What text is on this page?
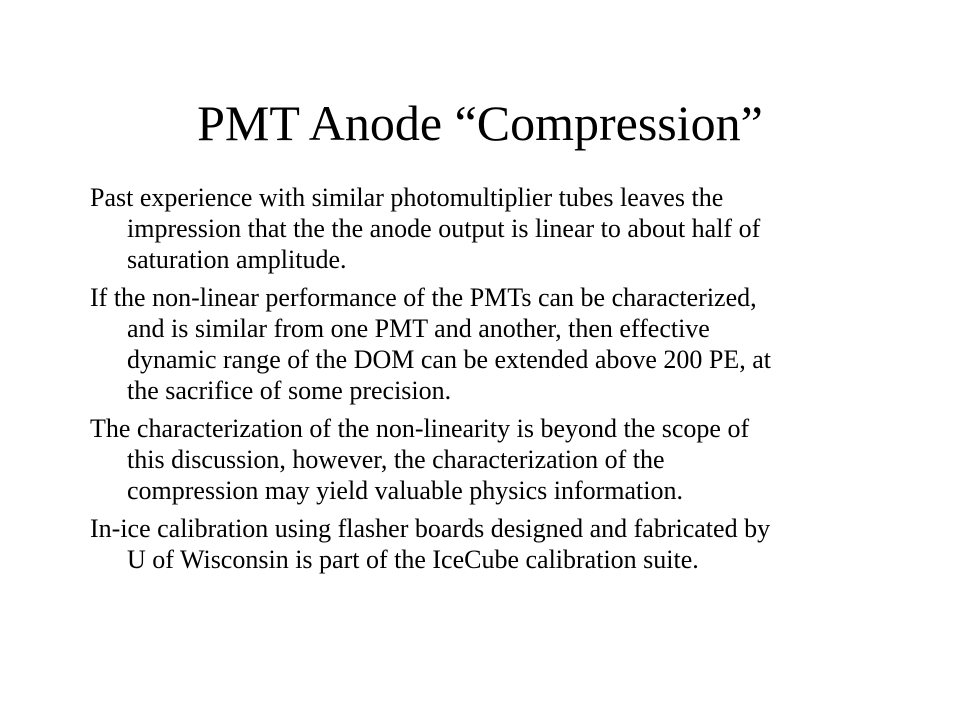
PMT Anode “Compression”
Past experience with similar photomultiplier tubes leaves the
impression that the the anode output is linear to about half of
saturation amplitude.
If the non-linear performance of the PMTs can be characterized,
and is similar from one PMT and another, then effective
dynamic range of the DOM can be extended above 200 PE, at
the sacrifice of some precision.
The characterization of the non-linearity is beyond the scope of
this discussion, however, the characterization of the
compression may yield valuable physics information.
In-ice calibration using flasher boards designed and fabricated by
U of Wisconsin is part of the IceCube calibration suite.
